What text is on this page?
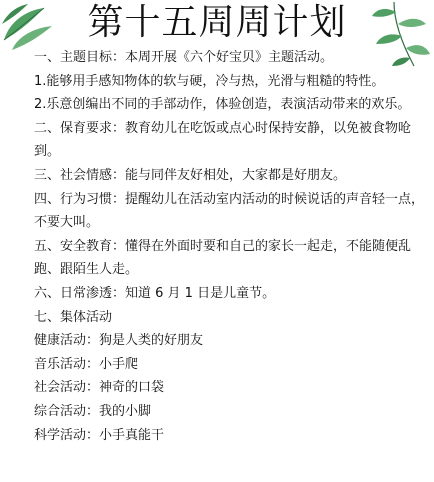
第十五周周计划
一、主题目标：本周开展《六个好宝贝》主题活动。
1.能够用手感知物体的软与硬，冷与热，光滑与粗糙的特性。
2.乐意创编出不同的手部动作，体验创造，表演活动带来的欢乐。
二、保育要求：教育幼儿在吃饭或点心时保持安静，以免被食物呛到。
三、社会情感：能与同伴友好相处，大家都是好朋友。
四、行为习惯：提醒幼儿在活动室内活动的时候说话的声音轻一点，不要大叫。
五、安全教育：懂得在外面时要和自己的家长一起走，不能随便乱跑、跟陌生人走。
六、日常渗透：知道 6 月 1 日是儿童节。
七、集体活动
健康活动：狗是人类的好朋友
音乐活动：小手爬
社会活动：神奇的口袋
综合活动：我的小脚
科学活动：小手真能干
